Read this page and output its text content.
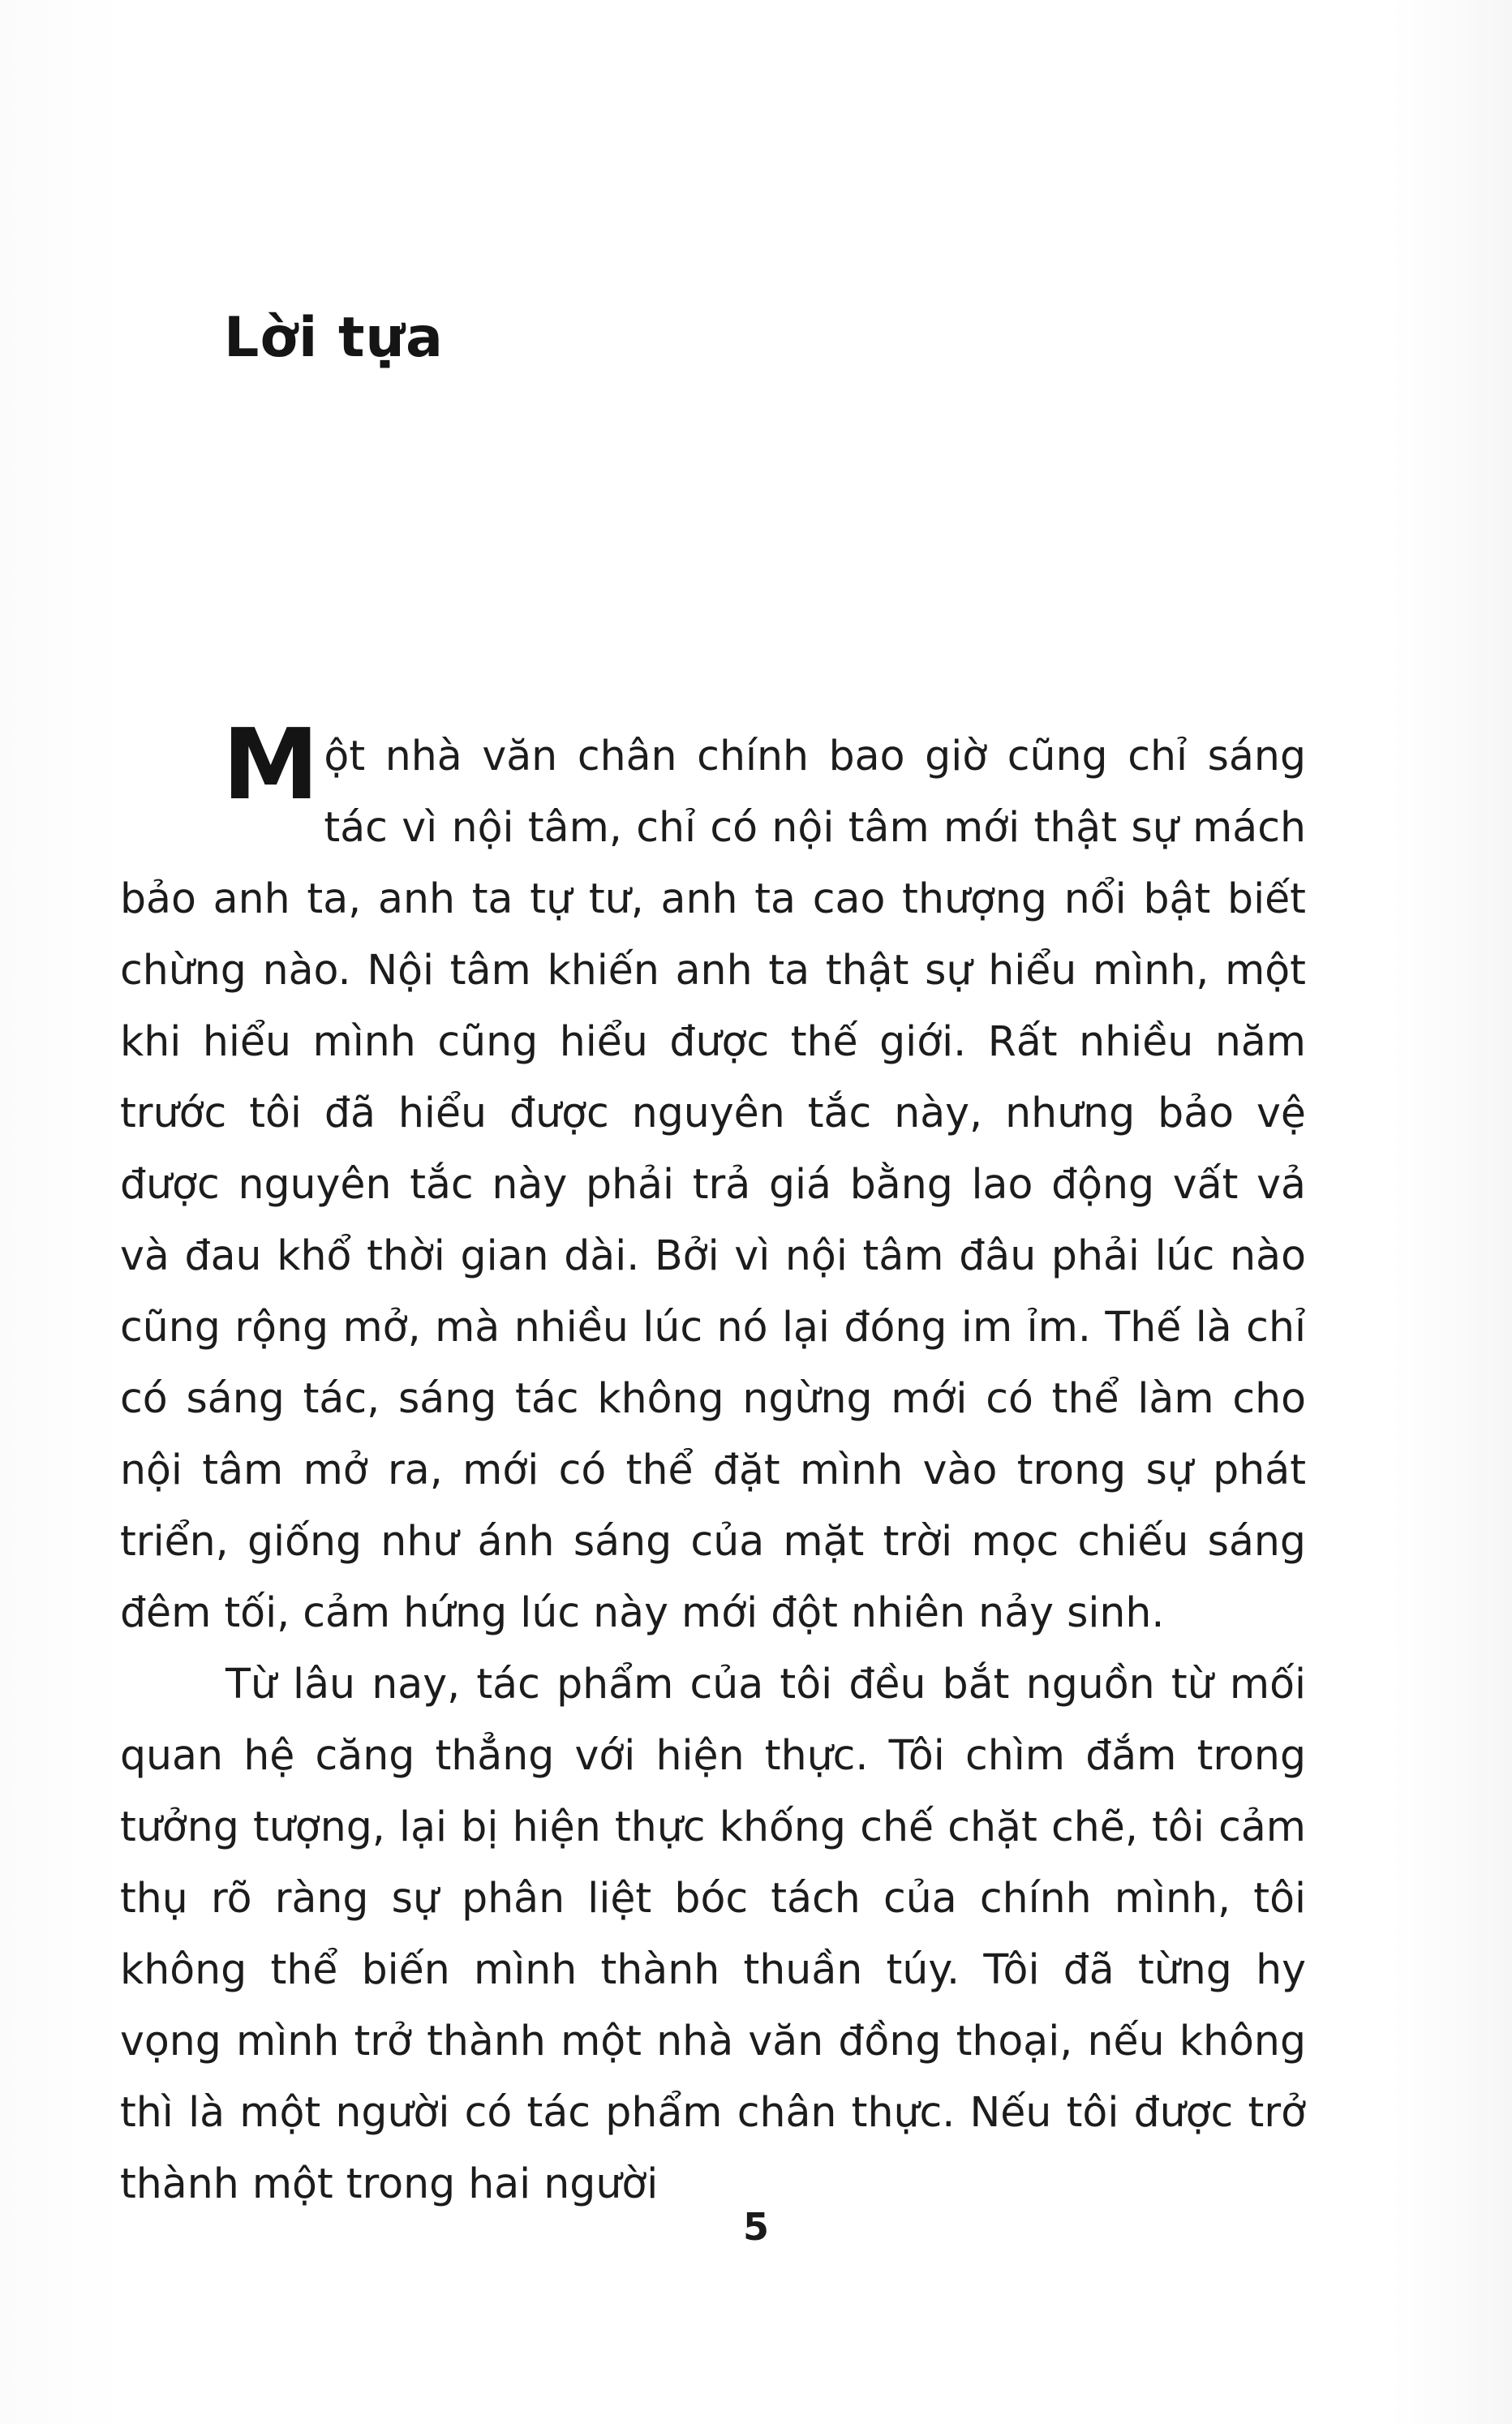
Lời tựa

Một nhà văn chân chính bao giờ cũng chỉ sáng tác vì nội tâm, chỉ có nội tâm mới thật sự mách bảo anh ta, anh ta tự tư, anh ta cao thượng nổi bật biết chừng nào. Nội tâm khiến anh ta thật sự hiểu mình, một khi hiểu mình cũng hiểu được thế giới. Rất nhiều năm trước tôi đã hiểu được nguyên tắc này, nhưng bảo vệ được nguyên tắc này phải trả giá bằng lao động vất vả và đau khổ thời gian dài. Bởi vì nội tâm đâu phải lúc nào cũng rộng mở, mà nhiều lúc nó lại đóng im ỉm. Thế là chỉ có sáng tác, sáng tác không ngừng mới có thể làm cho nội tâm mở ra, mới có thể đặt mình vào trong sự phát triển, giống như ánh sáng của mặt trời mọc chiếu sáng đêm tối, cảm hứng lúc này mới đột nhiên nảy sinh.

Từ lâu nay, tác phẩm của tôi đều bắt nguồn từ mối quan hệ căng thẳng với hiện thực. Tôi chìm đắm trong tưởng tượng, lại bị hiện thực khống chế chặt chẽ, tôi cảm thụ rõ ràng sự phân liệt bóc tách của chính mình, tôi không thể biến mình thành thuần túy. Tôi đã từng hy vọng mình trở thành một nhà văn đồng thoại, nếu không thì là một người có tác phẩm chân thực. Nếu tôi được trở thành một trong hai người

5
